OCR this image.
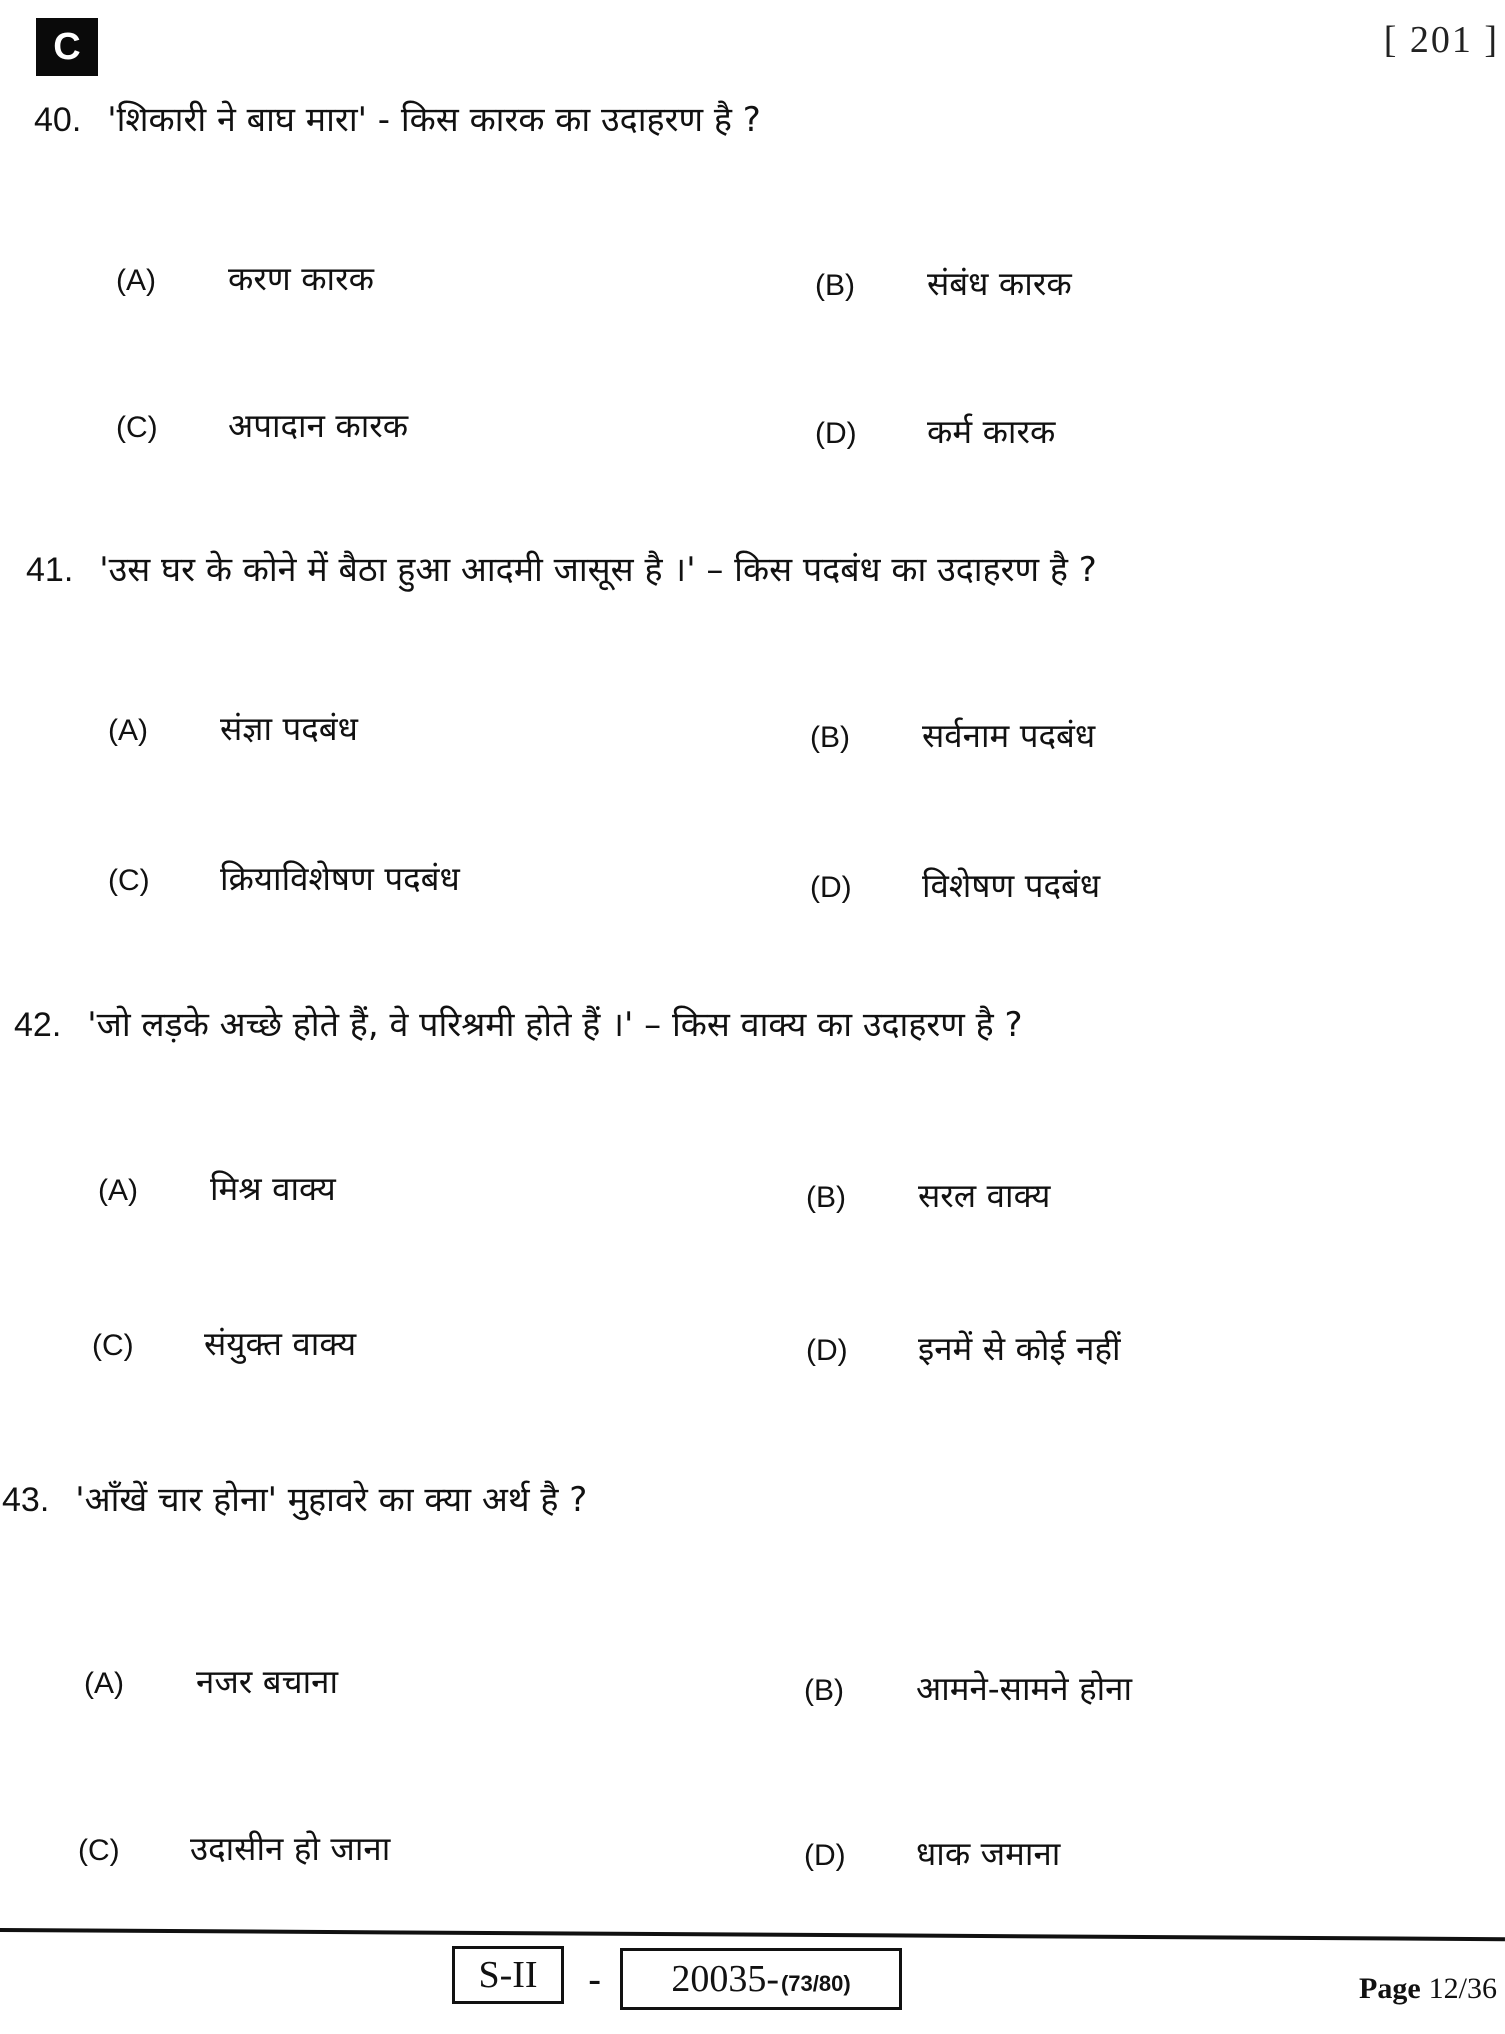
C	[ 201 ]
40. 'शिकारी ने बाघ मारा' - किस कारक का उदाहरण है ?
(A)	करण कारक	(B)	संबंध कारक
(C)	अपादान कारक	(D)	कर्म कारक
41. 'उस घर के कोने में बैठा हुआ आदमी जासूस है ।' – किस पदबंध का उदाहरण है ?
(A)	संज्ञा पदबंध	(B)	सर्वनाम पदबंध
(C)	क्रियाविशेषण पदबंध	(D)	विशेषण पदबंध
42. 'जो लड़के अच्छे होते हैं, वे परिश्रमी होते हैं ।' – किस वाक्य का उदाहरण है ?
(A)	मिश्र वाक्य	(B)	सरल वाक्य
(C)	संयुक्त वाक्य	(D)	इनमें से कोई नहीं
43. 'आँखें चार होना' मुहावरे का क्या अर्थ है ?
(A)	नजर बचाना	(B)	आमने-सामने होना
(C)	उदासीन हो जाना	(D)	धाक जमाना
S-II - 20035- (73/80)	Page 12/36
